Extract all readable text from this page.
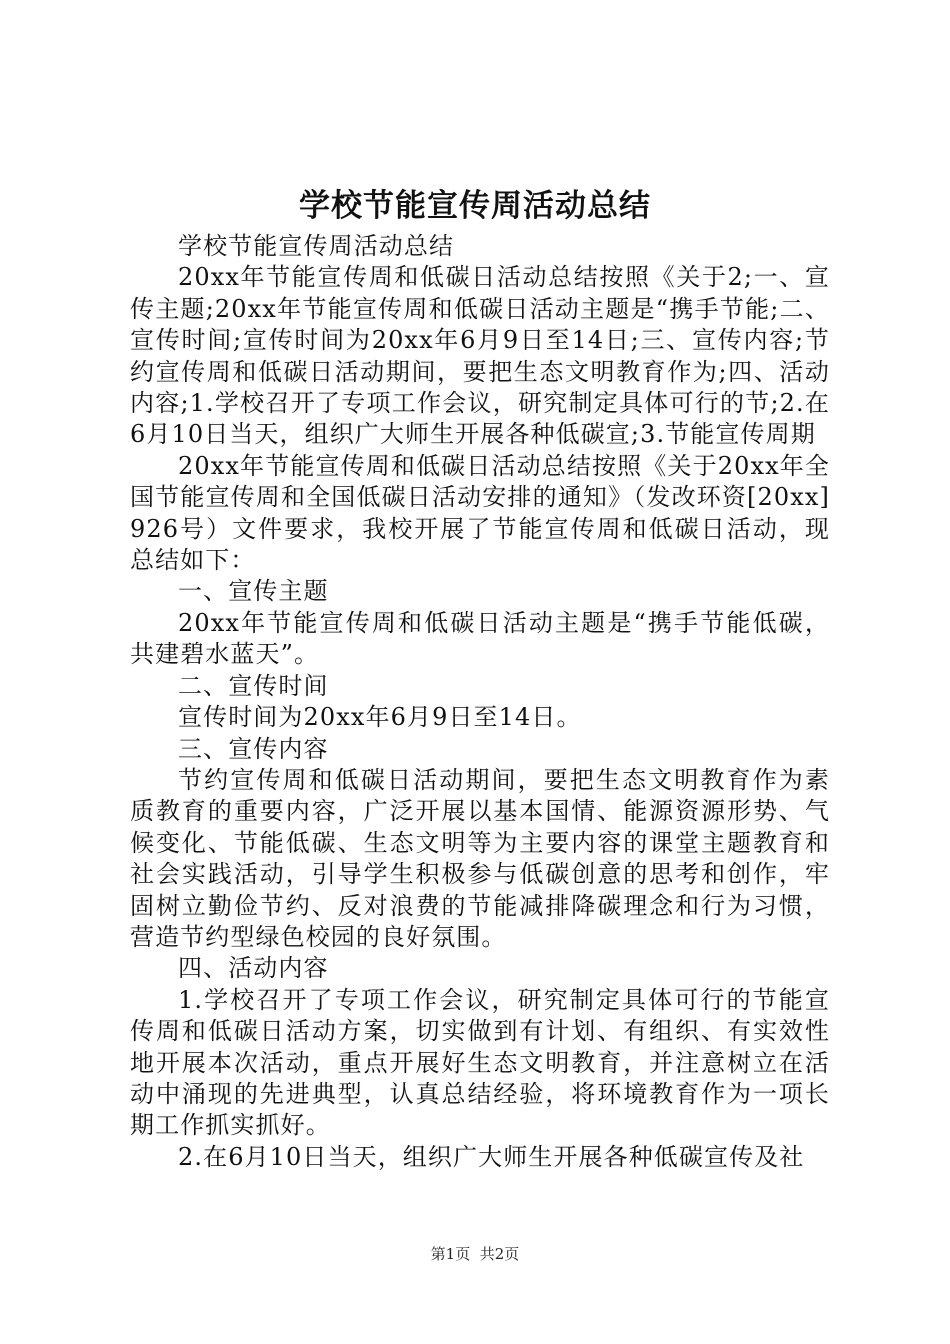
学校节能宣传周活动总结

学校节能宣传周活动总结

20xx年节能宣传周和低碳日活动总结按照《关于2;一、宣传主题;20xx年节能宣传周和低碳日活动主题是“携手节能;二、宣传时间;宣传时间为20xx年6月9日至14日;三、宣传内容;节约宣传周和低碳日活动期间，要把生态文明教育作为;四、活动内容;1.学校召开了专项工作会议，研究制定具体可行的节;2.在6月10日当天，组织广大师生开展各种低碳宣;3.节能宣传周期

20xx年节能宣传周和低碳日活动总结按照《关于20xx年全国节能宣传周和全国低碳日活动安排的通知》（发改环资[20xx]926号）文件要求，我校开展了节能宣传周和低碳日活动，现总结如下：

一、宣传主题

20xx年节能宣传周和低碳日活动主题是“携手节能低碳，共建碧水蓝天”。

二、宣传时间

宣传时间为20xx年6月9日至14日。

三、宣传内容

节约宣传周和低碳日活动期间，要把生态文明教育作为素质教育的重要内容，广泛开展以基本国情、能源资源形势、气候变化、节能低碳、生态文明等为主要内容的课堂主题教育和社会实践活动，引导学生积极参与低碳创意的思考和创作，牢固树立勤俭节约、反对浪费的节能减排降碳理念和行为习惯，营造节约型绿色校园的良好氛围。

四、活动内容

1.学校召开了专项工作会议，研究制定具体可行的节能宣传周和低碳日活动方案，切实做到有计划、有组织、有实效性地开展本次活动，重点开展好生态文明教育，并注意树立在活动中涌现的先进典型，认真总结经验，将环境教育作为一项长期工作抓实抓好。

2.在6月10日当天，组织广大师生开展各种低碳宣传及社

第1页 共2页
